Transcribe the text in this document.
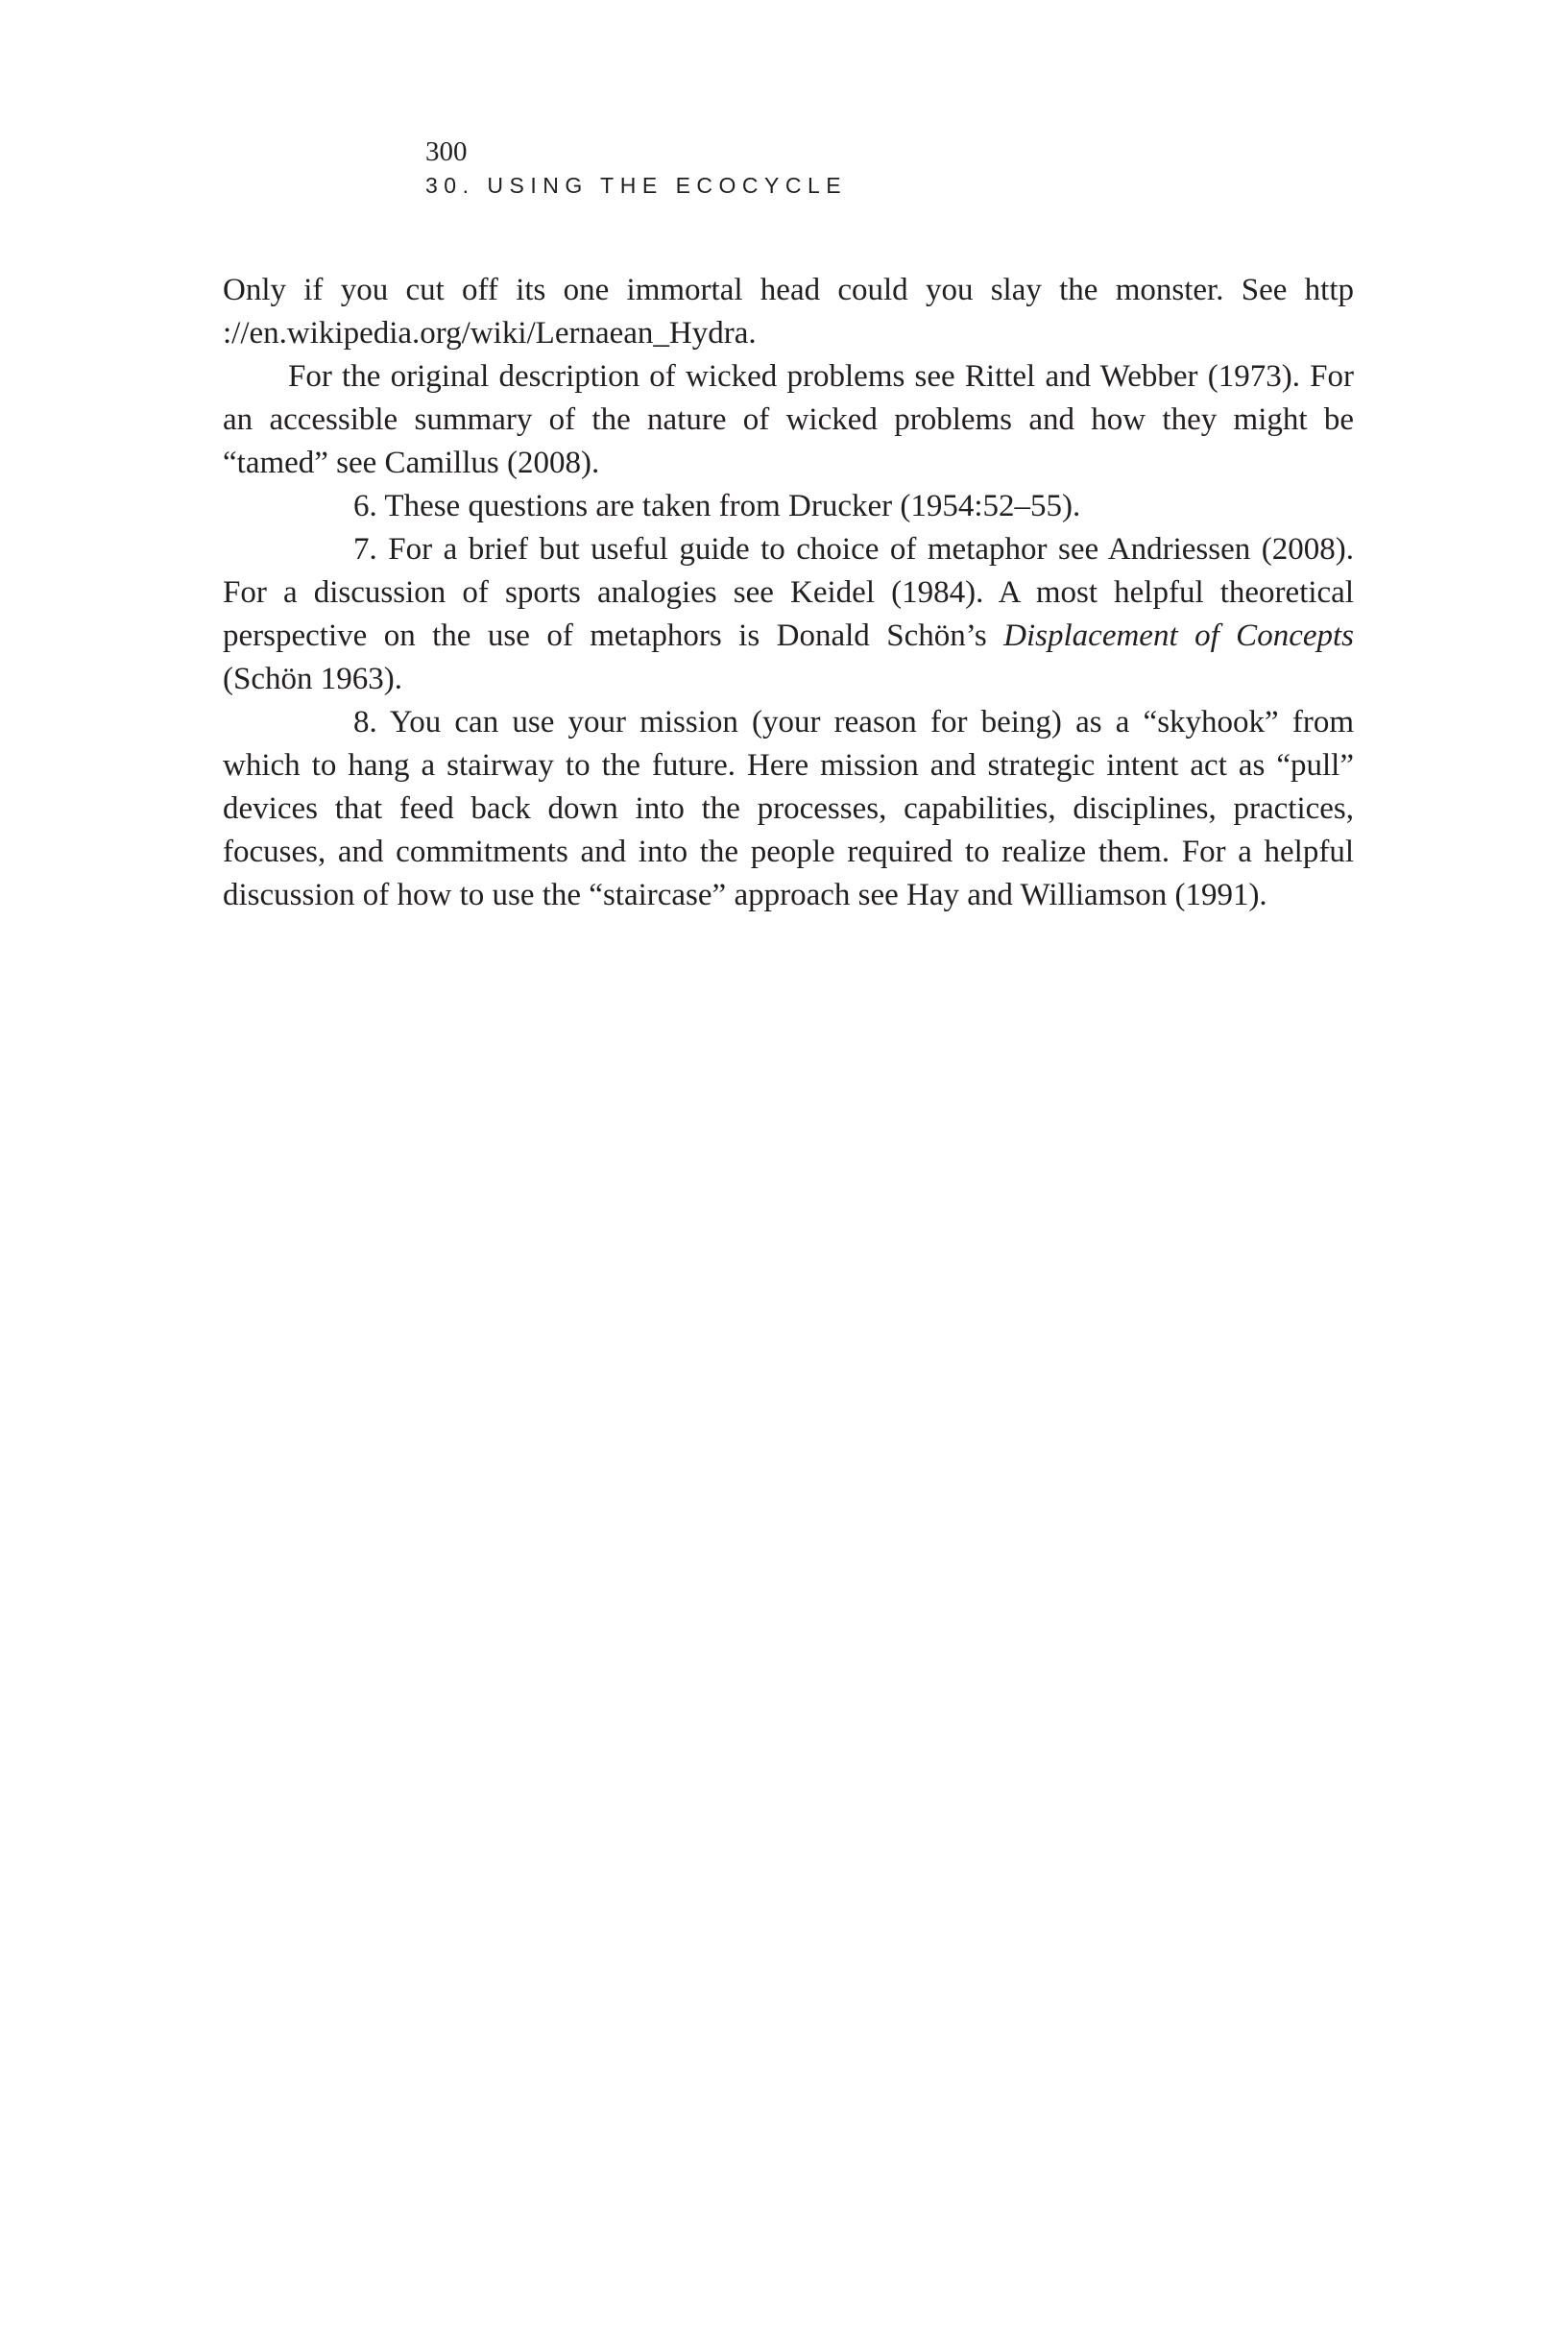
300
30. USING THE ECOCYCLE

Only if you cut off its one immortal head could you slay the monster. See http ://en.wikipedia.org/wiki/Lernaean_Hydra.

For the original description of wicked problems see Rittel and Webber (1973). For an accessible summary of the nature of wicked problems and how they might be “tamed” see Camillus (2008).

6. These questions are taken from Drucker (1954:52–55).

7. For a brief but useful guide to choice of metaphor see Andriessen (2008). For a discussion of sports analogies see Keidel (1984). A most helpful theoretical perspective on the use of metaphors is Donald Schön’s Displacement of Concepts (Schön 1963).

8. You can use your mission (your reason for being) as a “skyhook” from which to hang a stairway to the future. Here mission and strategic intent act as “pull” devices that feed back down into the processes, capabilities, disciplines, practices, focuses, and commitments and into the people required to realize them. For a helpful discussion of how to use the “staircase” approach see Hay and Williamson (1991).
